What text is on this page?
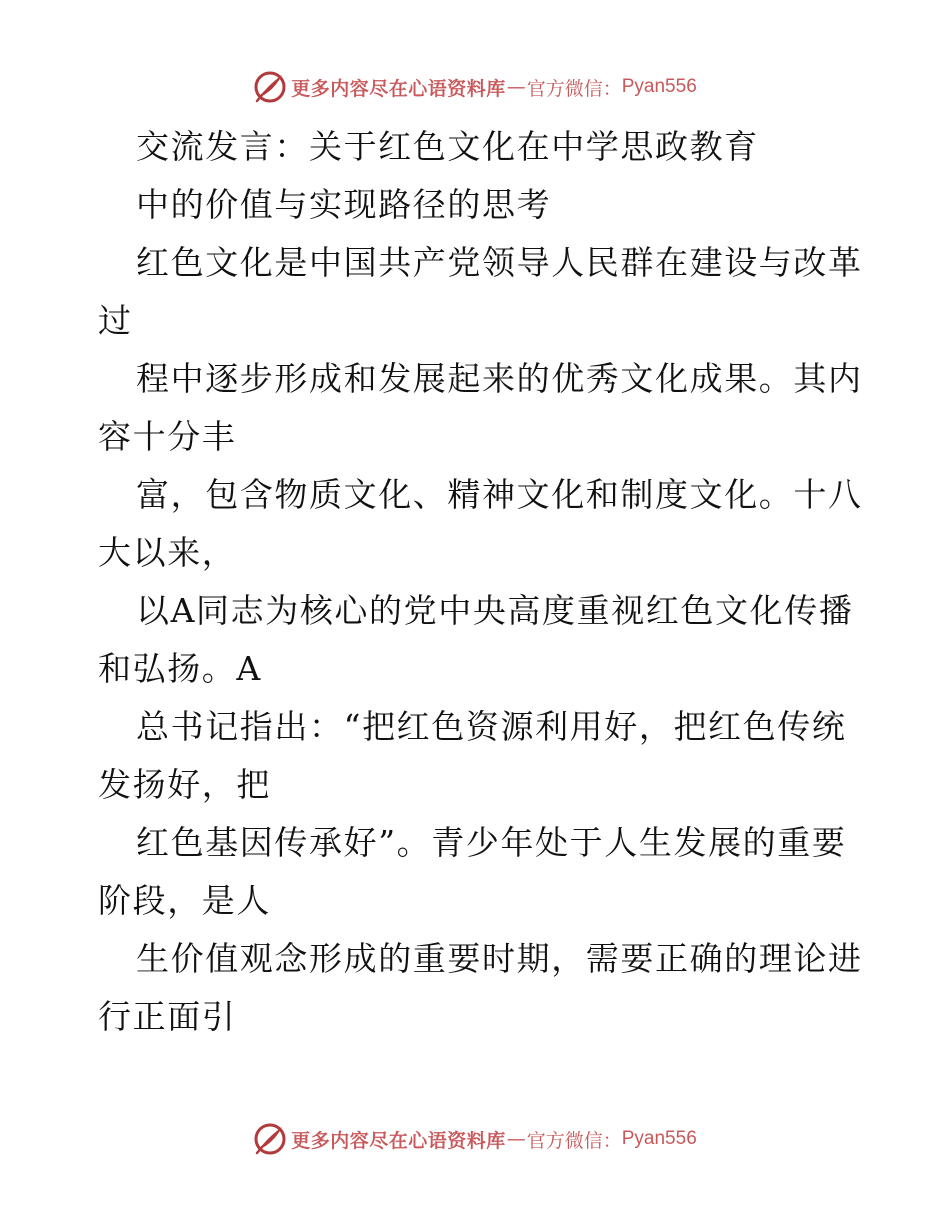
更多内容尽在心语资料库 — 官方微信： Pyan556
交流发言：关于红色文化在中学思政教育
中的价值与实现路径的思考
红色文化是中国共产党领导人民群在建设与改革
过
程中逐步形成和发展起来的优秀文化成果。其内
容十分丰
富，包含物质文化、精神文化和制度文化。十八
大以来，
以A同志为核心的党中央高度重视红色文化传播
和弘扬。A
总书记指出：“把红色资源利用好，把红色传统
发扬好，把
红色基因传承好”。青少年处于人生发展的重要
阶段，是人
生价值观念形成的重要时期，需要正确的理论进
行正面引
更多内容尽在心语资料库 — 官方微信： Pyan556
